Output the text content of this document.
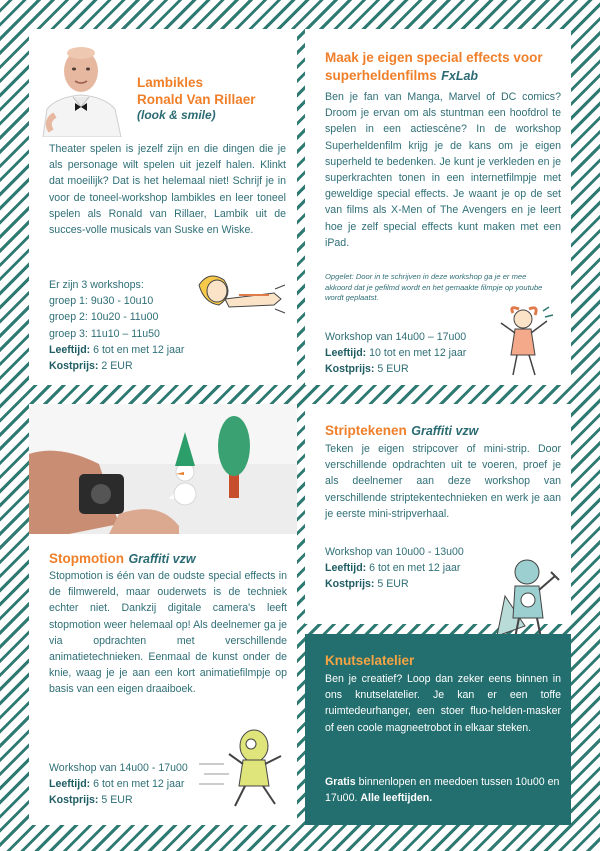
Lambikles
Ronald Van Rillaer
(look & smile)

Theater spelen is jezelf zijn en die dingen die je als personage wilt spelen uit jezelf halen. Klinkt dat moeilijk? Dat is het helemaal niet! Schrijf je in voor de toneel-workshop lambikles en leer toneel spelen als Ronald van Rillaer, Lambik uit de succes-volle musicals van Suske en Wiske.

Er zijn 3 workshops:
groep 1: 9u30 - 10u10
groep 2: 10u20 - 11u00
groep 3: 11u10 – 11u50
Leeftijd: 6 tot en met 12 jaar
Kostprijs: 2 EUR
Maak je eigen special effects voor superheldenfilms FxLab

Ben je fan van Manga, Marvel of DC comics? Droom je ervan om als stuntman een hoofdrol te spelen in een actiescène? In de workshop Superheldenfilm krijg je de kans om je eigen superheld te bedenken. Je kunt je verkleden en je superkrachten tonen in een internetfilmpje met geweldige special effects. Je waant je op de set van films als X-Men of The Avengers en je leert hoe je zelf special effects kunt maken met een iPad.

Opgelet: Door in te schrijven in deze workshop ga je er mee akkoord dat je gefilmd wordt en het gemaakte filmpje op youtube wordt geplaatst.

Workshop van 14u00 – 17u00
Leeftijd: 10 tot en met 12 jaar
Kostprijs: 5 EUR
Stopmotion Graffiti vzw

Stopmotion is één van de oudste special effects in de filmwereld, maar ouderwets is de techniek echter niet. Dankzij digitale camera's leeft stopmotion weer helemaal op! Als deelnemer ga je via opdrachten met verschillende animatietechnieken. Eenmaal de kunst onder de knie, waag je je aan een kort animatiefilmpje op basis van een eigen draaiboek.

Workshop van 14u00 - 17u00
Leeftijd: 6 tot en met 12 jaar
Kostprijs: 5 EUR
Striptekenen Graffiti vzw

Teken je eigen stripcover of mini-strip. Door verschillende opdrachten uit te voeren, proef je als deelnemer aan deze workshop van verschillende striptekentechnieken en werk je aan je eerste mini-stripverhaal.

Workshop van 10u00 - 13u00
Leeftijd: 6 tot en met 12 jaar
Kostprijs: 5 EUR
Knutselatelier

Ben je creatief? Loop dan zeker eens binnen in ons knutselatelier. Je kan er een toffe ruimtedeurhanger, een stoer fluo-helden-masker of een coole magneetrobot in elkaar steken.

Gratis binnenlopen en meedoen tussen 10u00 en 17u00. Alle leeftijden.
